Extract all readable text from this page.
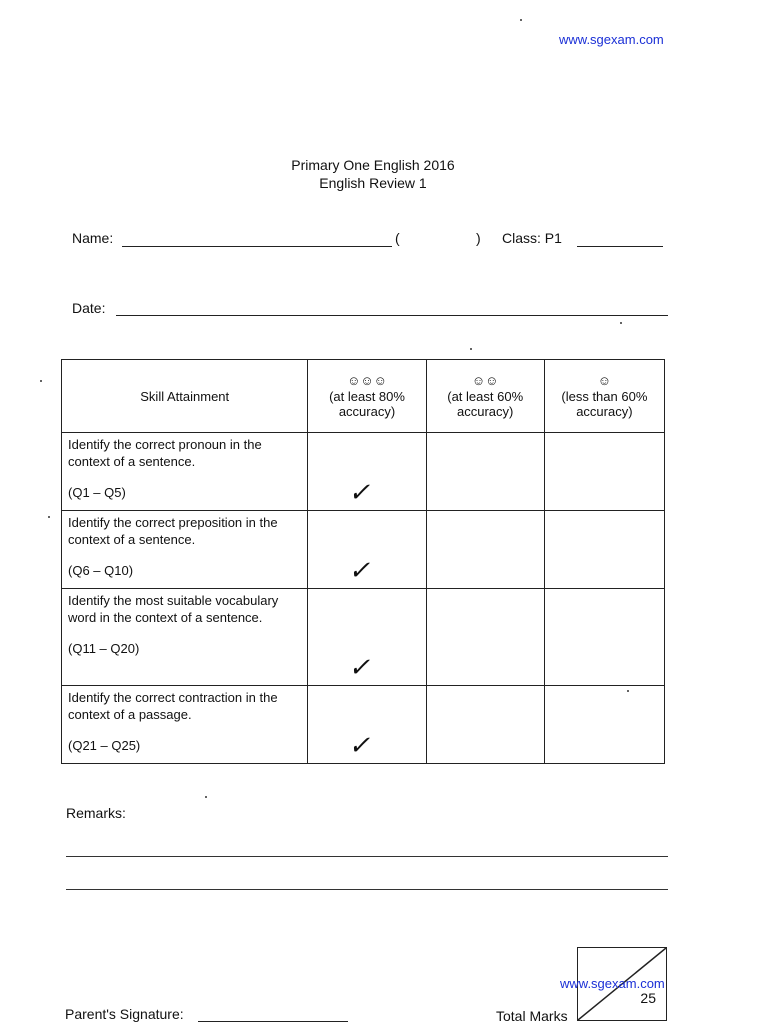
www.sgexam.com
Primary One English 2016
English Review 1
Name:	(	) Class: P1
Date:
Skill Attainment	☺☺☺
(at least 80%
accuracy)	☺☺
(at least 60%
accuracy)	☺
(less than 60%
accuracy)

Identify the correct pronoun in the context of a sentence.
(Q1 – Q5)	✓		

Identify the correct preposition in the context of a sentence.
(Q6 – Q10)	✓		

Identify the most suitable vocabulary word in the context of a sentence.
(Q11 – Q20)	✓		

Identify the correct contraction in the context of a passage.
(Q21 – Q25)	✓		

Remarks:
Parent's Signature:	Total Marks
25
www.sgexam.com
